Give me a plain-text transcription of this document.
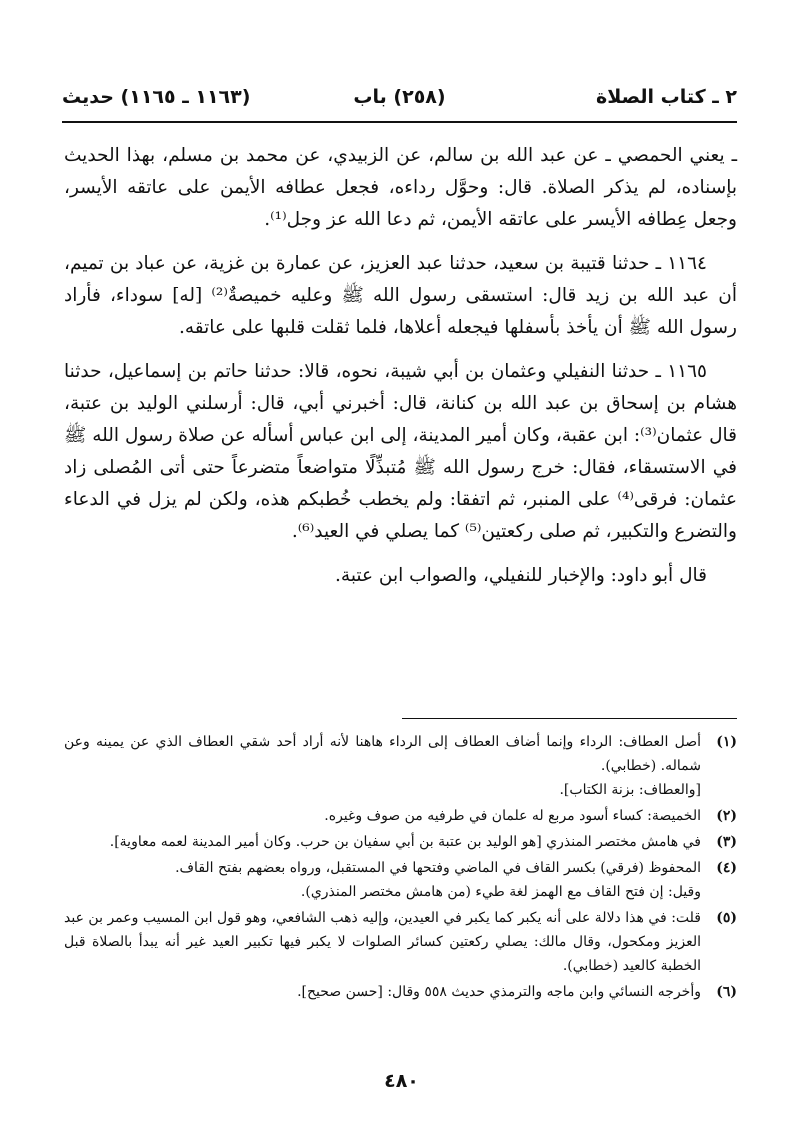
٢ ـ كتاب الصلاة
(٢٥٨) باب
(١١٦٣ ـ ١١٦٥) حديث

ـ يعني الحمصي ـ عن عبد الله بن سالم، عن الزبيدي، عن محمد بن مسلم، بهذا الحديث بإسناده، لم يذكر الصلاة. قال: وحوَّل رداءه، فجعل عطافه الأيمن على عاتقه الأيسر، وجعل عِطافه الأيسر على عاتقه الأيمن، ثم دعا الله عز وجل⁽¹⁾.

١١٦٤ ـ حدثنا قتيبة بن سعيد، حدثنا عبد العزيز، عن عمارة بن غزية، عن عباد بن تميم، أن عبد الله بن زيد قال: استسقى رسول الله ﷺ وعليه خميصةٌ⁽²⁾ [له] سوداء، فأراد رسول الله ﷺ أن يأخذ بأسفلها فيجعله أعلاها، فلما ثقلت قلبها على عاتقه.

١١٦٥ ـ حدثنا النفيلي وعثمان بن أبي شيبة، نحوه، قالا: حدثنا حاتم بن إسماعيل، حدثنا هشام بن إسحاق بن عبد الله بن كنانة، قال: أخبرني أبي، قال: أرسلني الوليد بن عتبة، قال عثمان⁽³⁾: ابن عقبة، وكان أمير المدينة، إلى ابن عباس أسأله عن صلاة رسول الله ﷺ في الاستسقاء، فقال: خرج رسول الله ﷺ مُتبذِّلًا متواضعاً متضرعاً حتى أتى المُصلى زاد عثمان: فرقى⁽⁴⁾ على المنبر، ثم اتفقا: ولم يخطب خُطبكم هذه، ولكن لم يزل في الدعاء والتضرع والتكبير، ثم صلى ركعتين⁽⁵⁾ كما يصلي في العيد⁽⁶⁾.

قال أبو داود: والإخبار للنفيلي، والصواب ابن عتبة.

(١)
أصل العطاف: الرداء وإنما أضاف العطاف إلى الرداء هاهنا لأنه أراد أحد شقي العطاف الذي عن يمينه وعن شماله. (خطابي).
[والعطاف: بزنة الكتاب].
(٢)
الخميصة: كساء أسود مربع له علمان في طرفيه من صوف وغيره.
(٣)
في هامش مختصر المنذري [هو الوليد بن عتبة بن أبي سفيان بن حرب. وكان أمير المدينة لعمه معاوية].
(٤)
المحفوظ (فرقي) بكسر القاف في الماضي وفتحها في المستقبل، ورواه بعضهم بفتح القاف.
وقيل: إن فتح القاف مع الهمز لغة طيء (من هامش مختصر المنذري).
(٥)
قلت: في هذا دلالة على أنه يكبر كما يكبر في العيدين، وإليه ذهب الشافعي، وهو قول ابن المسيب وعمر بن عبد العزيز ومكحول، وقال مالك: يصلي ركعتين كسائر الصلوات لا يكبر فيها تكبير العيد غير أنه يبدأ بالصلاة قبل الخطبة كالعيد (خطابي).
(٦)
وأخرجه النسائي وابن ماجه والترمذي حديث ٥٥٨ وقال: [حسن صحيح].
٤٨٠
